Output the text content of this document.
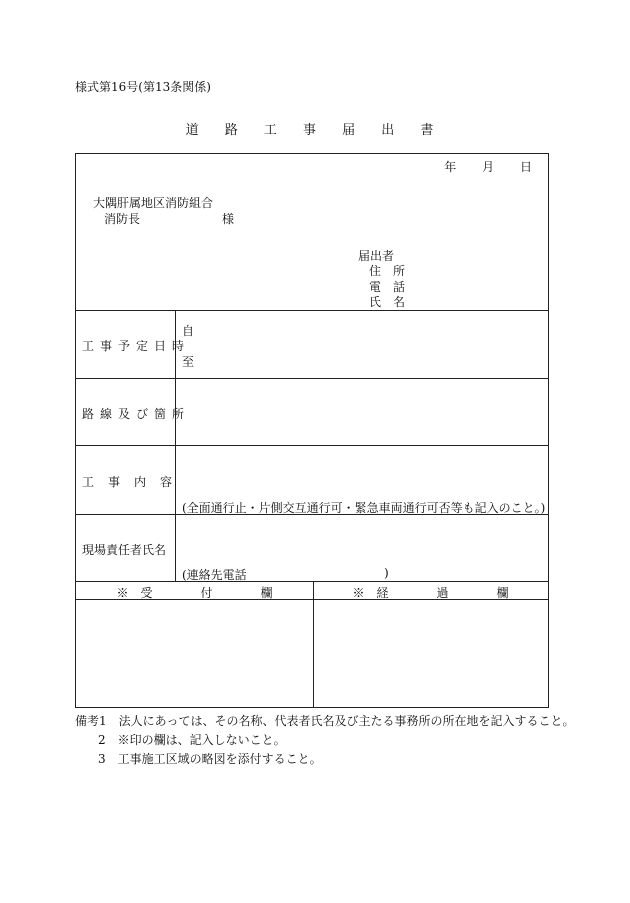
様式第16号(第13条関係)
道 路 工 事 届 出 書
年 月 日
大隅肝属地区消防組合
消防長	様
届出者
住　所
電　話
氏　名
工事予定日時
自
至
路線及び箇所
工　事　内　容
(全面通行止・片側交互通行可・緊急車両通行可否等も記入のこと。)
現場責任者氏名
(連絡先電話	)
※　受　　　　付　　　　欄	※　経　　　　過　　　　欄
備考1　法人にあっては、その名称、代表者氏名及び主たる事務所の所在地を記入すること。
2　※印の欄は、記入しないこと。
3　工事施工区域の略図を添付すること。
